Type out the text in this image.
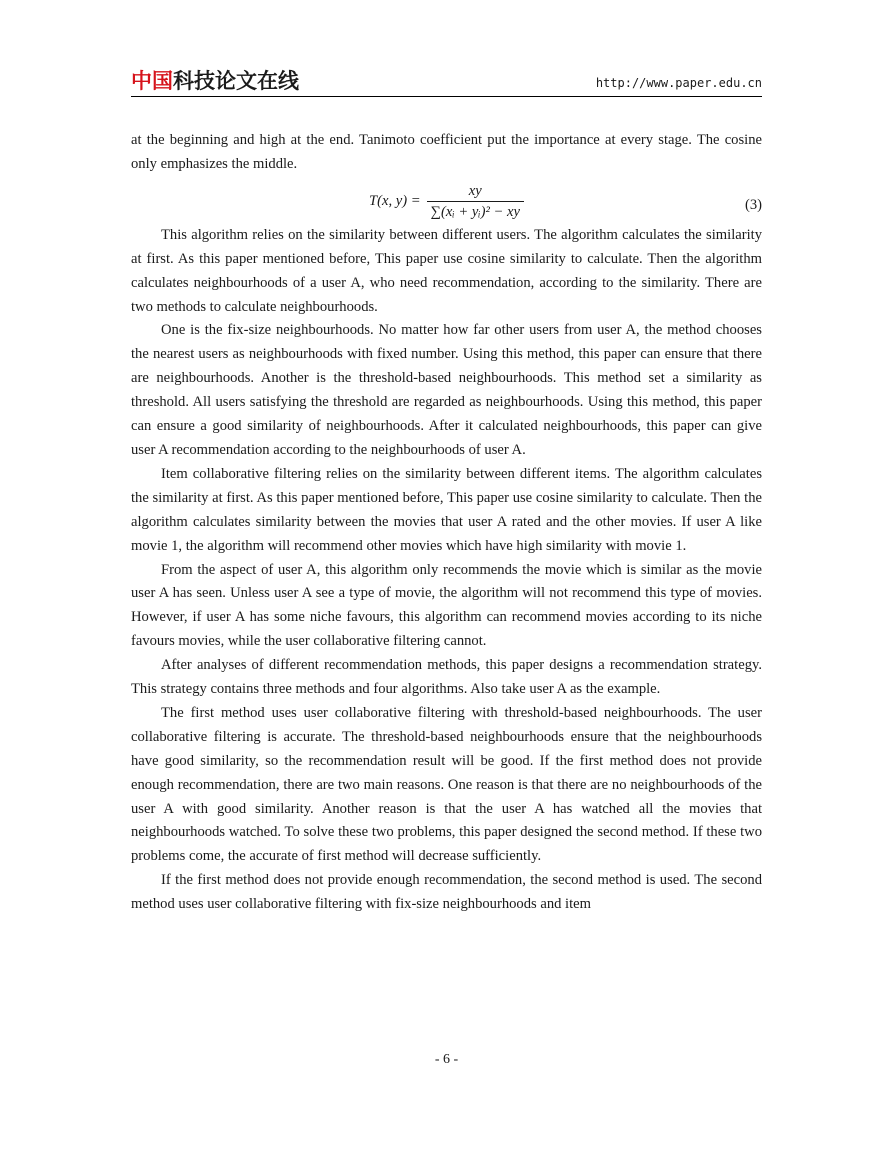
中国科技论文在线	http://www.paper.edu.cn

at the beginning and high at the end. Tanimoto coefficient put the importance at every stage. The cosine only emphasizes the middle.

T(x, $y) = \frac{xy}{\text{∑(xᵢ + yᵢ)² − xy}}$	(3)

This algorithm relies on the similarity between different users. The algorithm calculates the similarity at first. As this paper mentioned before, This paper use cosine similarity to calculate. Then the algorithm calculates neighbourhoods of a user A, who need recommendation, according to the similarity. There are two methods to calculate neighbourhoods.

One is the fix-size neighbourhoods. No matter how far other users from user A, the method chooses the nearest users as neighbourhoods with fixed number. Using this method, this paper can ensure that there are neighbourhoods. Another is the threshold-based neighbourhoods. This method set a similarity as threshold. All users satisfying the threshold are regarded as neighbourhoods. Using this method, this paper can ensure a good similarity of neighbourhoods. After it calculated neighbourhoods, this paper can give user A recommendation according to the neighbourhoods of user A.

Item collaborative filtering relies on the similarity between different items. The algorithm calculates the similarity at first. As this paper mentioned before, This paper use cosine similarity to calculate. Then the algorithm calculates similarity between the movies that user A rated and the other movies. If user A like movie 1, the algorithm will recommend other movies which have high similarity with movie 1.

From the aspect of user A, this algorithm only recommends the movie which is similar as the movie user A has seen. Unless user A see a type of movie, the algorithm will not recommend this type of movies. However, if user A has some niche favours, this algorithm can recommend movies according to its niche favours movies, while the user collaborative filtering cannot.

After analyses of different recommendation methods, this paper designs a recommendation strategy. This strategy contains three methods and four algorithms. Also take user A as the example.

The first method uses user collaborative filtering with threshold-based neighbourhoods. The user collaborative filtering is accurate. The threshold-based neighbourhoods ensure that the neighbourhoods have good similarity, so the recommendation result will be good. If the first method does not provide enough recommendation, there are two main reasons. One reason is that there are no neighbourhoods of the user A with good similarity. Another reason is that the user A has watched all the movies that neighbourhoods watched. To solve these two problems, this paper designed the second method. If these two problems come, the accurate of first method will decrease sufficiently.

If the first method does not provide enough recommendation, the second method is used. The second method uses user collaborative filtering with fix-size neighbourhoods and item

- 6 -
